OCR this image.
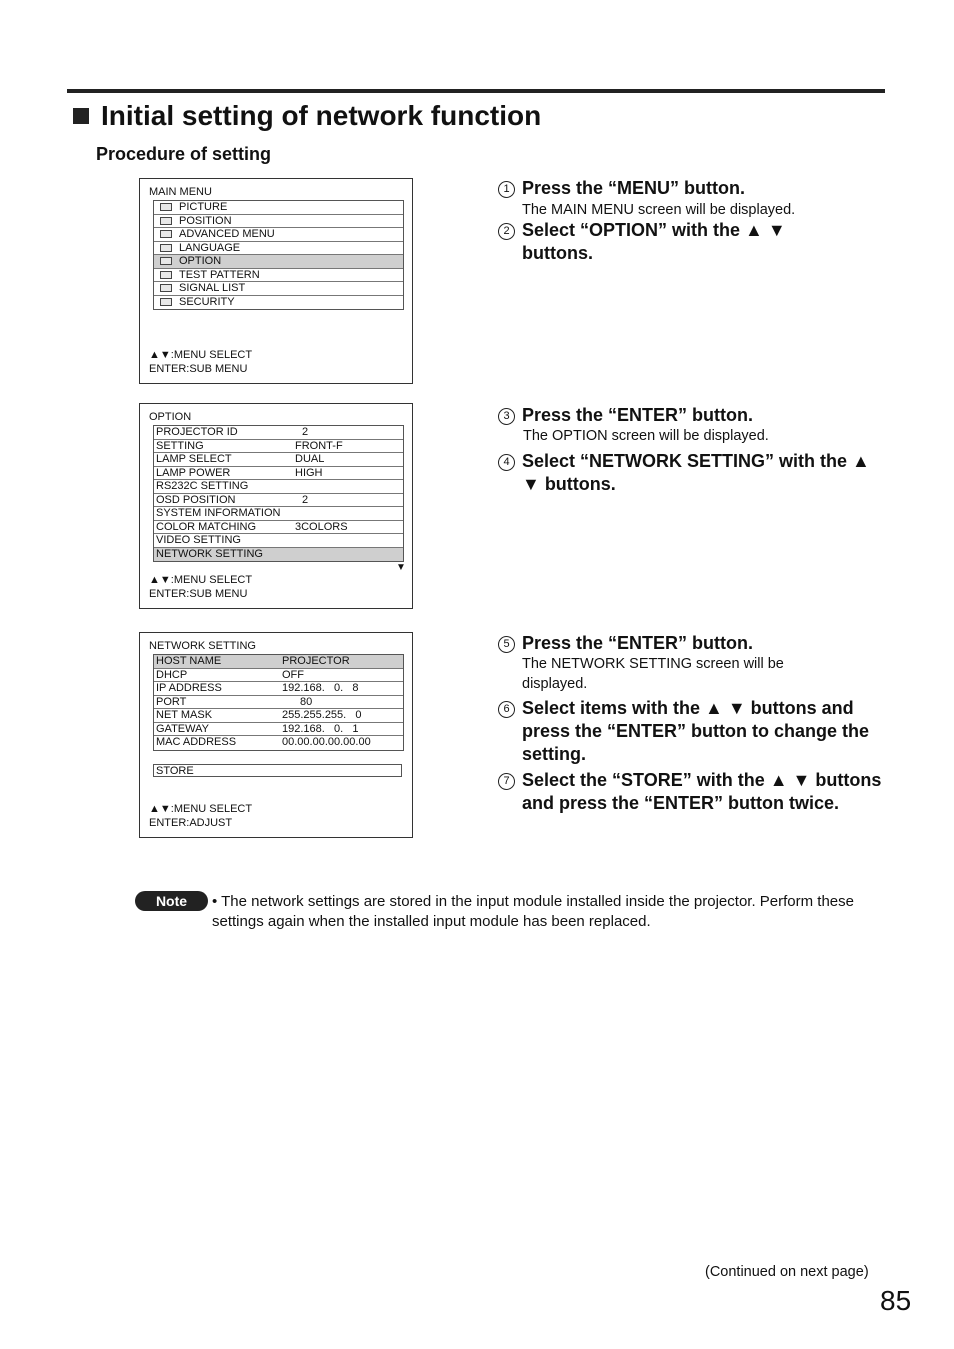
Initial setting of network function
Procedure of setting
MAIN MENU
PICTURE
POSITION
ADVANCED MENU
LANGUAGE
OPTION
TEST PATTERN
SIGNAL LIST
SECURITY
▲▼:MENU SELECT
ENTER:SUB MENU
OPTION
PROJECTOR ID	2
SETTING	FRONT-F
LAMP SELECT	DUAL
LAMP POWER	HIGH
RS232C SETTING
OSD POSITION	2
SYSTEM INFORMATION
COLOR MATCHING	3COLORS
VIDEO SETTING
NETWORK SETTING
▼
▲▼:MENU SELECT
ENTER:SUB MENU
NETWORK SETTING
HOST NAME	PROJECTOR
DHCP	OFF
IP ADDRESS	192.168.   0.   8
PORT	80
NET MASK	255.255.255.   0
GATEWAY	192.168.   0.   1
MAC ADDRESS	00.00.00.00.00.00
STORE
▲▼:MENU SELECT
ENTER:ADJUST
1 Press the “MENU” button.
The MAIN MENU screen will be displayed.
2 Select “OPTION” with the ▲ ▼ buttons.
3 Press the “ENTER” button.
The OPTION screen will be displayed.
4 Select “NETWORK SETTING” with the ▲ ▼ buttons.
5 Press the “ENTER” button.
The NETWORK SETTING screen will be displayed.
6 Select items with the ▲ ▼ buttons and press the “ENTER” button to change the setting.
7 Select the “STORE” with the ▲ ▼ buttons and press the “ENTER” button twice.
Note	• The network settings are stored in the input module installed inside the projector. Perform these settings again when the installed input module has been replaced.
(Continued on next page)
85
